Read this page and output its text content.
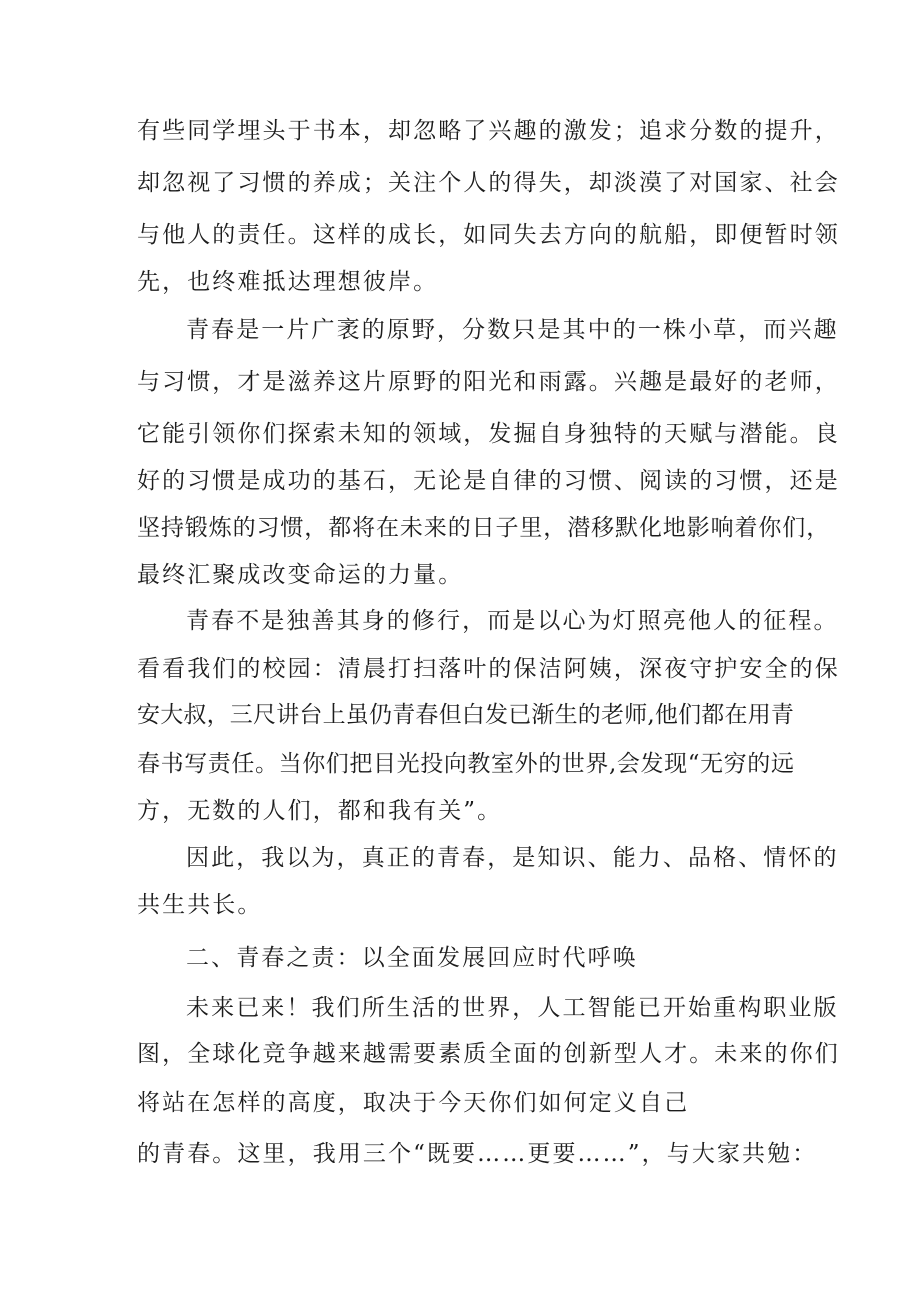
有些同学埋头于书本，却忽略了兴趣的激发；追求分数的提升，

却忽视了习惯的养成；关注个人的得失，却淡漠了对国家、社会

与他人的责任。这样的成长，如同失去方向的航船，即便暂时领

先，也终难抵达理想彼岸。

青春是一片广袤的原野，分数只是其中的一株小草，而兴趣

与习惯，才是滋养这片原野的阳光和雨露。兴趣是最好的老师，

它能引领你们探索未知的领域，发掘自身独特的天赋与潜能。良

好的习惯是成功的基石，无论是自律的习惯、阅读的习惯，还是

坚持锻炼的习惯，都将在未来的日子里，潜移默化地影响着你们，

最终汇聚成改变命运的力量。

青春不是独善其身的修行，而是以心为灯照亮他人的征程。

看看我们的校园：清晨打扫落叶的保洁阿姨，深夜守护安全的保

安大叔，三尺讲台上虽仍青春但白发已渐生的老师,他们都在用青

春书写责任。当你们把目光投向教室外的世界,会发现“无穷的远

方，无数的人们，都和我有关”。

因此，我以为，真正的青春，是知识、能力、品格、情怀的

共生共长。

二、青春之责：以全面发展回应时代呼唤

未来已来！我们所生活的世界，人工智能已开始重构职业版

图，全球化竞争越来越需要素质全面的创新型人才。未来的你们

将站在怎样的高度，取决于今天你们如何定义自己

的青春。这里，我用三个“既要……更要……”，与大家共勉：
